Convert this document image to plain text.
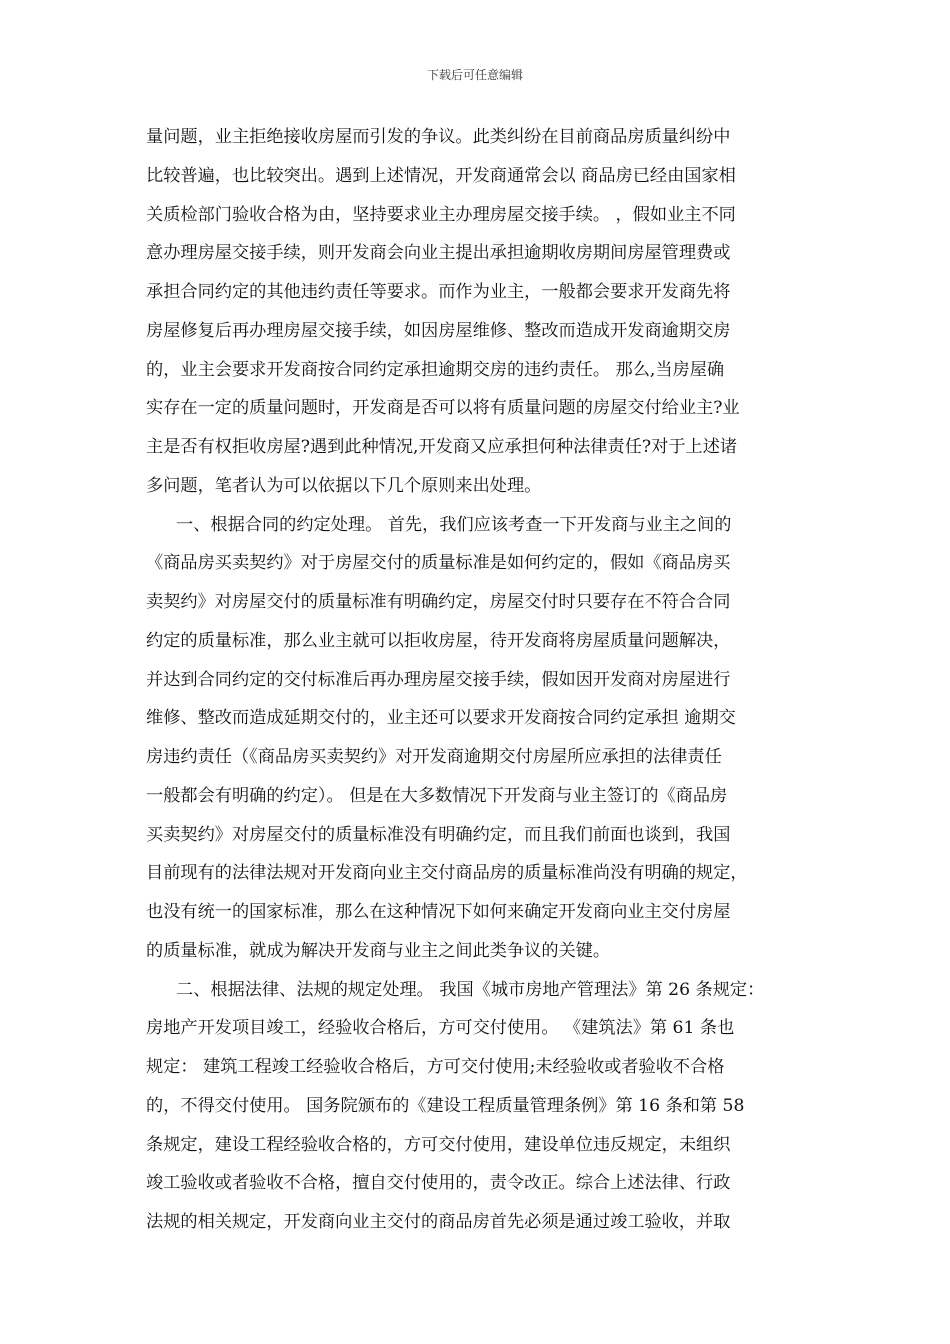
下载后可任意编辑
量问题，业主拒绝接收房屋而引发的争议。此类纠纷在目前商品房质量纠纷中
比较普遍，也比较突出。遇到上述情况，开发商通常会以 商品房已经由国家相
关质检部门验收合格为由，坚持要求业主办理房屋交接手续。 ，假如业主不同
意办理房屋交接手续，则开发商会向业主提出承担逾期收房期间房屋管理费或
承担合同约定的其他违约责任等要求。而作为业主，一般都会要求开发商先将
房屋修复后再办理房屋交接手续，如因房屋维修、整改而造成开发商逾期交房
的，业主会要求开发商按合同约定承担逾期交房的违约责任。 那么,当房屋确
实存在一定的质量问题时，开发商是否可以将有质量问题的房屋交付给业主?业
主是否有权拒收房屋?遇到此种情况,开发商又应承担何种法律责任?对于上述诸
多问题，笔者认为可以依据以下几个原则来出处理。
一、根据合同的约定处理。 首先，我们应该考查一下开发商与业主之间的
《商品房买卖契约》对于房屋交付的质量标准是如何约定的，假如《商品房买
卖契约》对房屋交付的质量标准有明确约定，房屋交付时只要存在不符合合同
约定的质量标准，那么业主就可以拒收房屋，待开发商将房屋质量问题解决，
并达到合同约定的交付标准后再办理房屋交接手续，假如因开发商对房屋进行
维修、整改而造成延期交付的，业主还可以要求开发商按合同约定承担 逾期交
房违约责任（《商品房买卖契约》对开发商逾期交付房屋所应承担的法律责任
一般都会有明确的约定）。 但是在大多数情况下开发商与业主签订的《商品房
买卖契约》对房屋交付的质量标准没有明确约定，而且我们前面也谈到，我国
目前现有的法律法规对开发商向业主交付商品房的质量标准尚没有明确的规定，
也没有统一的国家标准，那么在这种情况下如何来确定开发商向业主交付房屋
的质量标准，就成为解决开发商与业主之间此类争议的关键。
二、根据法律、法规的规定处理。 我国《城市房地产管理法》第 26 条规定：
房地产开发项目竣工，经验收合格后，方可交付使用。 《建筑法》第 61 条也
规定： 建筑工程竣工经验收合格后，方可交付使用;未经验收或者验收不合格
的，不得交付使用。 国务院颁布的《建设工程质量管理条例》第 16 条和第 58
条规定，建设工程经验收合格的，方可交付使用，建设单位违反规定，未组织
竣工验收或者验收不合格，擅自交付使用的，责令改正。综合上述法律、行政
法规的相关规定，开发商向业主交付的商品房首先必须是通过竣工验收，并取
